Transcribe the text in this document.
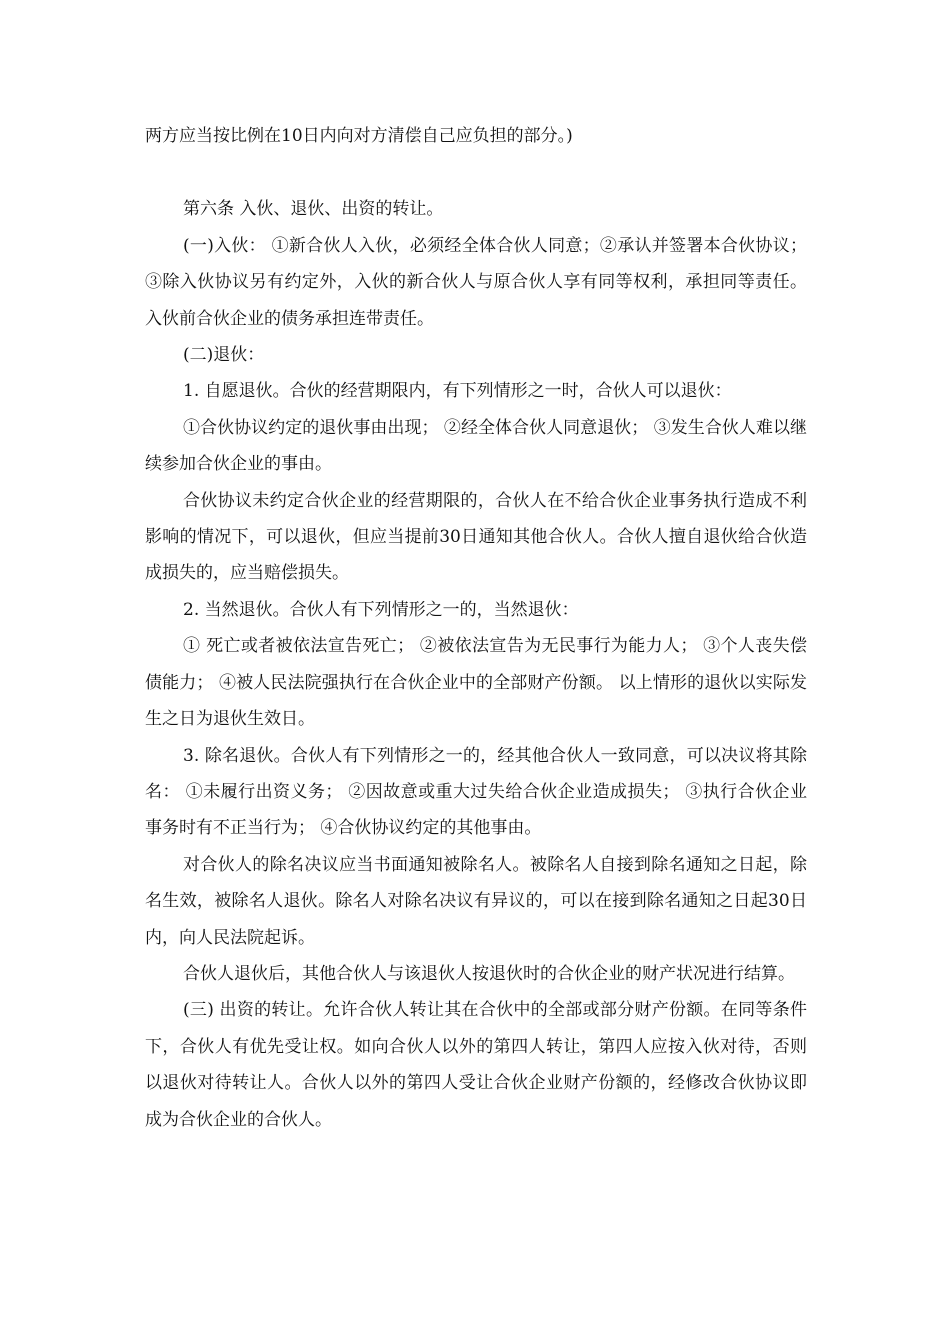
两方应当按比例在10日内向对方清偿自己应负担的部分。)

第六条 入伙、退伙、出资的转让。

(一)入伙： ①新合伙人入伙，必须经全体合伙人同意；②承认并签署本合伙协议；③除入伙协议另有约定外，入伙的新合伙人与原合伙人享有同等权利，承担同等责任。入伙前合伙企业的债务承担连带责任。

(二)退伙：

1. 自愿退伙。合伙的经营期限内，有下列情形之一时，合伙人可以退伙：

①合伙协议约定的退伙事由出现； ②经全体合伙人同意退伙； ③发生合伙人难以继续参加合伙企业的事由。

合伙协议未约定合伙企业的经营期限的，合伙人在不给合伙企业事务执行造成不利影响的情况下，可以退伙，但应当提前30日通知其他合伙人。合伙人擅自退伙给合伙造成损失的，应当赔偿损失。

2. 当然退伙。合伙人有下列情形之一的，当然退伙：

① 死亡或者被依法宣告死亡； ②被依法宣告为无民事行为能力人； ③个人丧失偿债能力； ④被人民法院强执行在合伙企业中的全部财产份额。 以上情形的退伙以实际发生之日为退伙生效日。

3. 除名退伙。合伙人有下列情形之一的，经其他合伙人一致同意，可以决议将其除名： ①未履行出资义务； ②因故意或重大过失给合伙企业造成损失； ③执行合伙企业事务时有不正当行为； ④合伙协议约定的其他事由。

对合伙人的除名决议应当书面通知被除名人。被除名人自接到除名通知之日起，除名生效，被除名人退伙。除名人对除名决议有异议的，可以在接到除名通知之日起30日内，向人民法院起诉。

合伙人退伙后，其他合伙人与该退伙人按退伙时的合伙企业的财产状况进行结算。

(三) 出资的转让。允许合伙人转让其在合伙中的全部或部分财产份额。在同等条件下，合伙人有优先受让权。如向合伙人以外的第四人转让，第四人应按入伙对待，否则以退伙对待转让人。合伙人以外的第四人受让合伙企业财产份额的，经修改合伙协议即成为合伙企业的合伙人。
